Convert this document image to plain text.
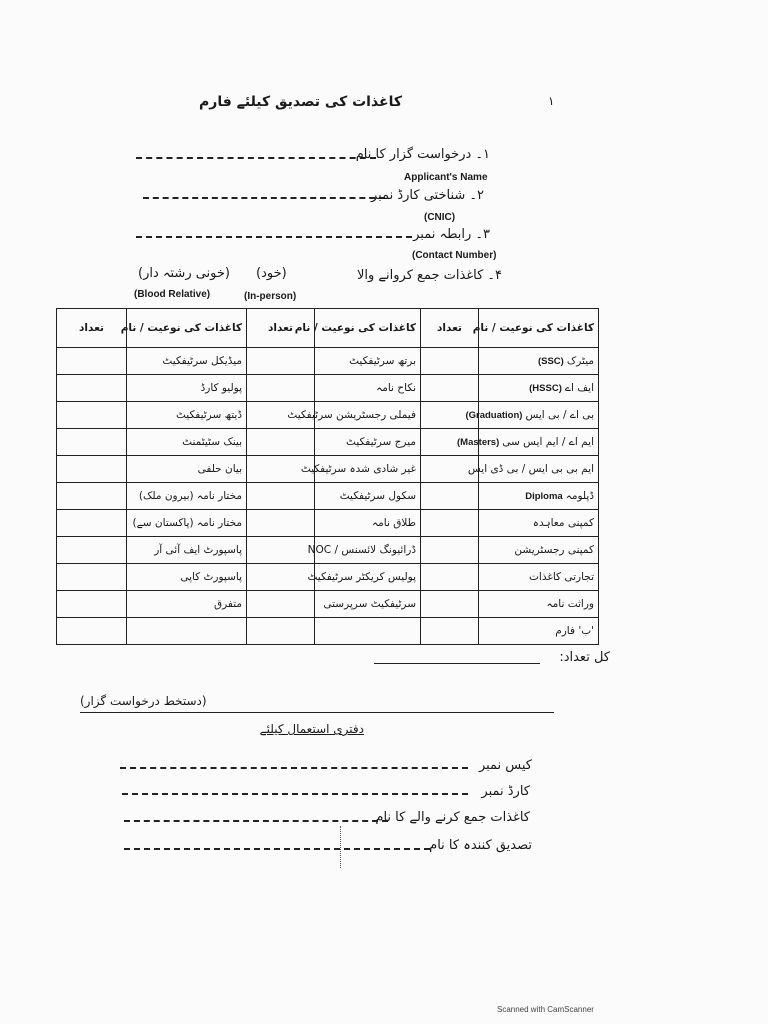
١
کاغذات کی تصدیق کیلئے فارم
۱۔ درخواست گزار کا نام
Applicant's Name
۲۔ شناختی کارڈ نمبر
(CNIC)
۳۔ رابطہ نمبر
(Contact Number)
(خونی رشتہ دار)
(Blood Relative)
(خود)
(In-person)
۴۔ کاغذات جمع کروانے والا
تعداد	کاغذات کی نوعیت / نام	تعداد	کاغذات کی نوعیت / نام	تعداد	کاغذات کی نوعیت / نام
	میڈیکل سرٹیفکیٹ		برتھ سرٹیفکیٹ		میٹرک(SSC)
	پولیو کارڈ		نکاح نامہ		ایف اے(HSSC)
	ڈیتھ سرٹیفکیٹ		فیملی رجسٹریشن سرٹیفکیٹ		بی اے / بی ایس(Graduation)
	بینک سٹیٹمنٹ		میرج سرٹیفکیٹ		ایم اے / ایم ایس سی(Masters)
	بیان حلفی		غیر شادی شدہ سرٹیفکیٹ		ایم بی بی ایس / بی ڈی ایس
	مختار نامہ (بیرون ملک)		سکول سرٹیفکیٹ		ڈپلومہDiploma
	مختار نامہ (پاکستان سے)		طلاق نامہ		کمپنی معاہدہ
	پاسپورٹ ایف آئی آر		ڈرائیونگ لائسنس / NOC		کمپنی رجسٹریشن
	پاسپورٹ کاپی		پولیس کریکٹر سرٹیفکیٹ		تجارتی کاغذات
	متفرق		سرٹیفکیٹ سرپرستی		وراثت نامہ
					'ب' فارم
کل تعداد:
(دستخط درخواست گزار)
دفتری استعمال کیلئے
کیس نمبر
کارڈ نمبر
کاغذات جمع کرنے والے کا نام
تصدیق کنندہ کا نام
Scanned with CamScanner
